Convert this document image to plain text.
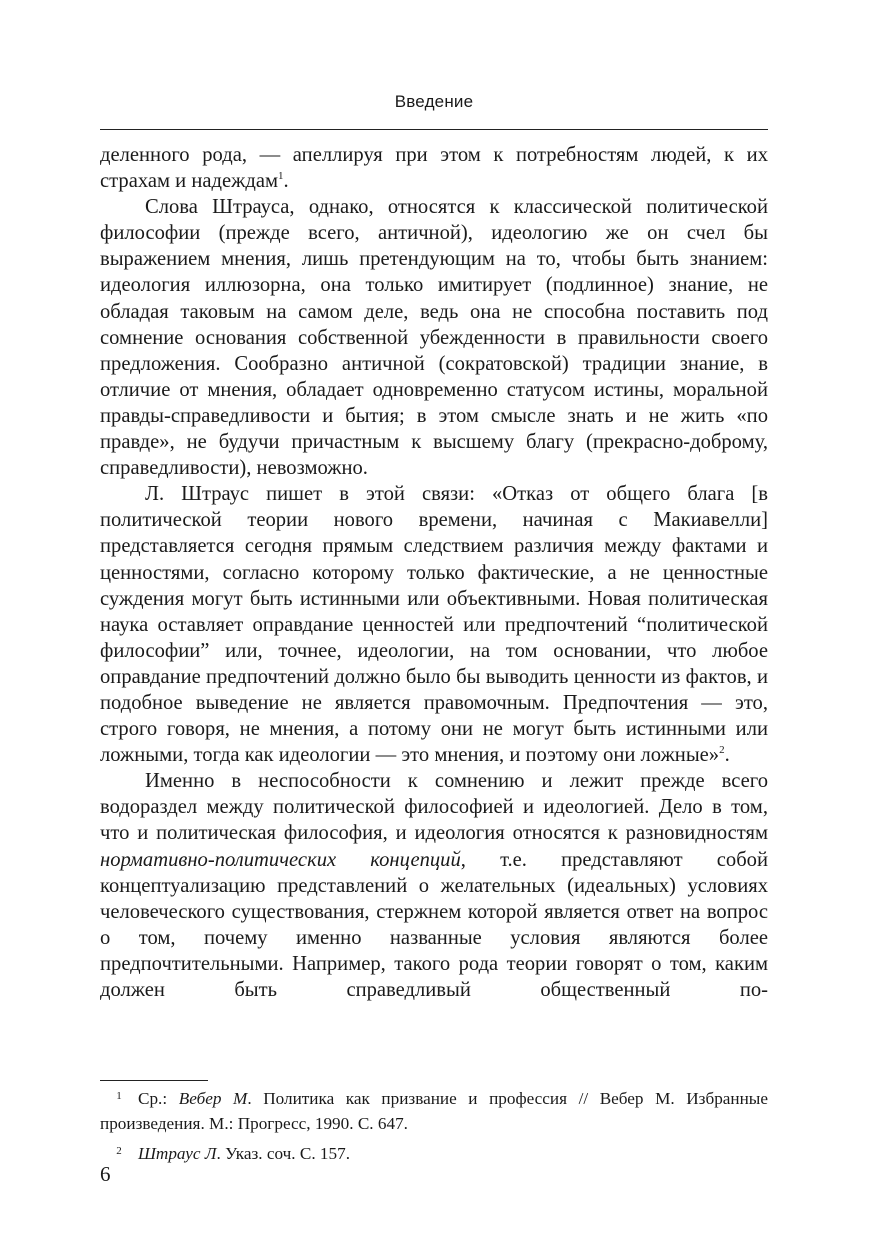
Введение

деленного рода, — апеллируя при этом к потребностям людей, к их страхам и надеждам$^1$.

Слова Штрауса, однако, относятся к классической политической философии (прежде всего, античной), идеологию же он счел бы выражением мнения, лишь претендующим на то, чтобы быть знанием: идеология иллюзорна, она только имитирует (подлинное) знание, не обладая таковым на самом деле, ведь она не способна поставить под сомнение основания собственной убежденности в правильности своего предложения. Сообразно античной (сократовской) традиции знание, в отличие от мнения, обладает одновременно статусом истины, моральной правды-справедливости и бытия; в этом смысле знать и не жить «по правде», не будучи причастным к высшему благу (прекрасно-доброму, справедливости), невозможно.

Л. Штраус пишет в этой связи: «Отказ от общего блага [в политической теории нового времени, начиная с Макиавелли] представляется сегодня прямым следствием различия между фактами и ценностями, согласно которому только фактические, а не ценностные суждения могут быть истинными или объективными. Новая политическая наука оставляет оправдание ценностей или предпочтений “политической философии” или, точнее, идеологии, на том основании, что любое оправдание предпочтений должно было бы выводить ценности из фактов, и подобное выведение не является правомочным. Предпочтения — это, строго говоря, не мнения, а потому они не могут быть истинными или ложными, тогда как идеологии — это мнения, и поэтому они ложные»$^2$.

Именно в неспособности к сомнению и лежит прежде всего водораздел между политической философией и идеологией. Дело в том, что и политическая философия, и идеология относятся к разновидностям нормативно-политических концепций, т.е. представляют собой концептуализацию представлений о желательных (идеальных) условиях человеческого существования, стержнем которой является ответ на вопрос о том, почему именно названные условия являются более предпочтительными. Например, такого рода теории говорят о том, каким должен быть справедливый общественный по-

1 Ср.: Вебер М. Политика как призвание и профессия // Вебер М. Избранные произведения. М.: Прогресс, 1990. С. 647.

2 Штраус Л. Указ. соч. С. 157.

6
